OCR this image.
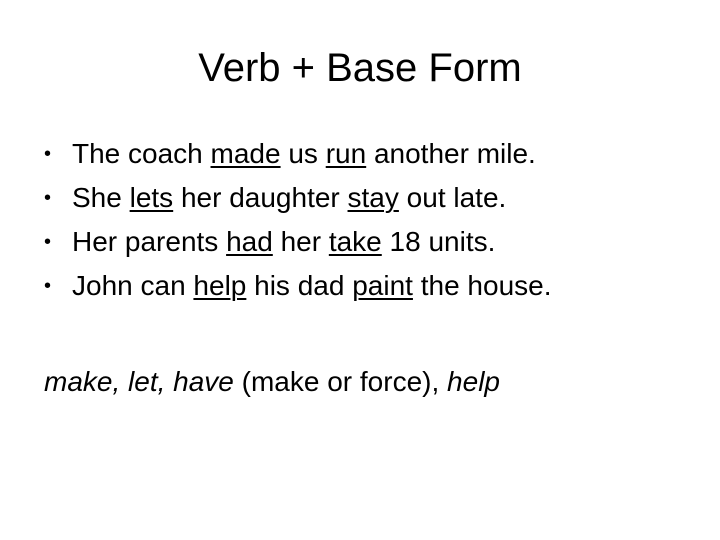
Verb + Base Form
• The coach made us run another mile.
• She lets her daughter stay out late.
• Her parents had her take 18 units.
• John can help his dad paint the house.
make, let, have (make or force), help
